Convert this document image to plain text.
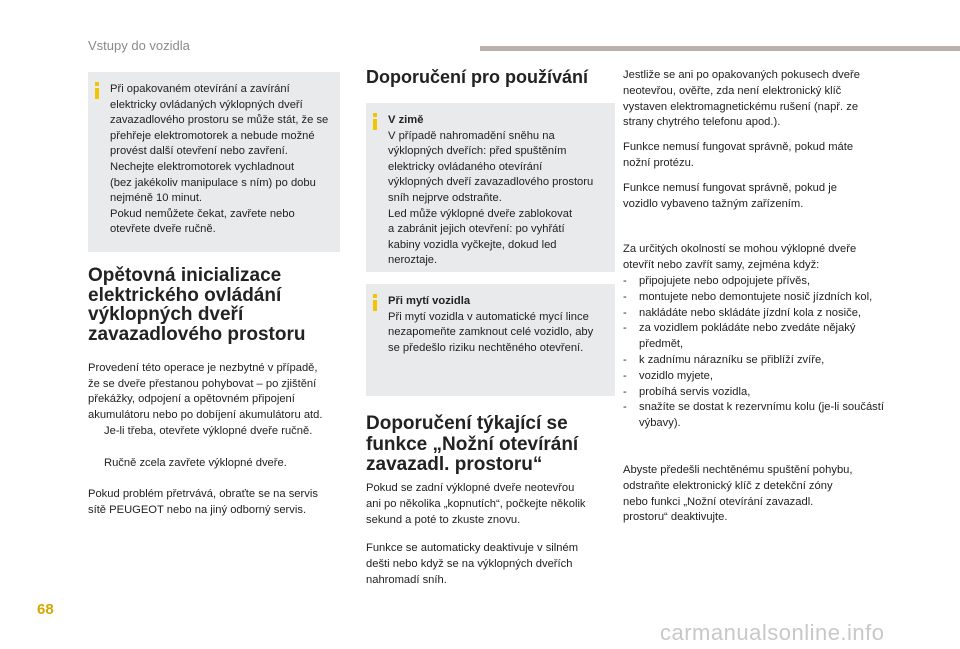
Vstupy do vozidla
Při opakovaném otevírání a zavírání
elektricky ovládaných výklopných dveří
zavazadlového prostoru se může stát, že se
přehřeje elektromotorek a nebude možné
provést další otevření nebo zavření.
Nechejte elektromotorek vychladnout
(bez jakékoliv manipulace s ním) po dobu
nejméně 10 minut.
Pokud nemůžete čekat, zavřete nebo
otevřete dveře ručně.
Opětovná inicializace
elektrického ovládání
výklopných dveří
zavazadlového prostoru

Provedení této operace je nezbytné v případě,
že se dveře přestanou pohybovat – po zjištění
překážky, odpojení a opětovném připojení
akumulátoru nebo po dobíjení akumulátoru atd.

Je-li třeba, otevřete výklopné dveře ručně.

Ručně zcela zavřete výklopné dveře.

Pokud problém přetrvává, obraťte se na servis
sítě PEUGEOT nebo na jiný odborný servis.

Doporučení pro používání
V zimě
V případě nahromadění sněhu na
výklopných dveřích: před spuštěním
elektricky ovládaného otevírání
výklopných dveří zavazadlového prostoru
sníh nejprve odstraňte.
Led může výklopné dveře zablokovat
a zabránit jejich otevření: po vyhřátí
kabiny vozidla vyčkejte, dokud led
neroztaje.
Při mytí vozidla
Při mytí vozidla v automatické mycí lince
nezapomeňte zamknout celé vozidlo, aby
se předešlo riziku nechtěného otevření.
Doporučení týkající se
funkce „Nožní otevírání
zavazadl. prostoru“
Pokud se zadní výklopné dveře neotevřou
ani po několika „kopnutích“, počkejte několik
sekund a poté to zkuste znovu.
Funkce se automaticky deaktivuje v silném
dešti nebo když se na výklopných dveřích
nahromadí sníh.
Jestliže se ani po opakovaných pokusech dveře
neotevřou, ověřte, zda není elektronický klíč
vystaven elektromagnetickému rušení (např. ze
strany chytrého telefonu apod.).
Funkce nemusí fungovat správně, pokud máte
nožní protézu.
Funkce nemusí fungovat správně, pokud je
vozidlo vybaveno tažným zařízením.
Za určitých okolností se mohou výklopné dveře
otevřít nebo zavřít samy, zejména když:
- připojujete nebo odpojujete přívěs,
- montujete nebo demontujete nosič jízdních kol,
- nakládáte nebo skládáte jízdní kola z nosiče,
- za vozidlem pokládáte nebo zvedáte nějaký předmět,
- k zadnímu nárazníku se přiblíží zvíře,
- vozidlo myjete,
- probíhá servis vozidla,
- snažíte se dostat k rezervnímu kolu (je-li součástí výbavy).
Abyste předešli nechtěnému spuštění pohybu,
odstraňte elektronický klíč z detekční zóny
nebo funkci „Nožní otevírání zavazadl.
prostoru“ deaktivujte.
68
carmanualsonline.info
